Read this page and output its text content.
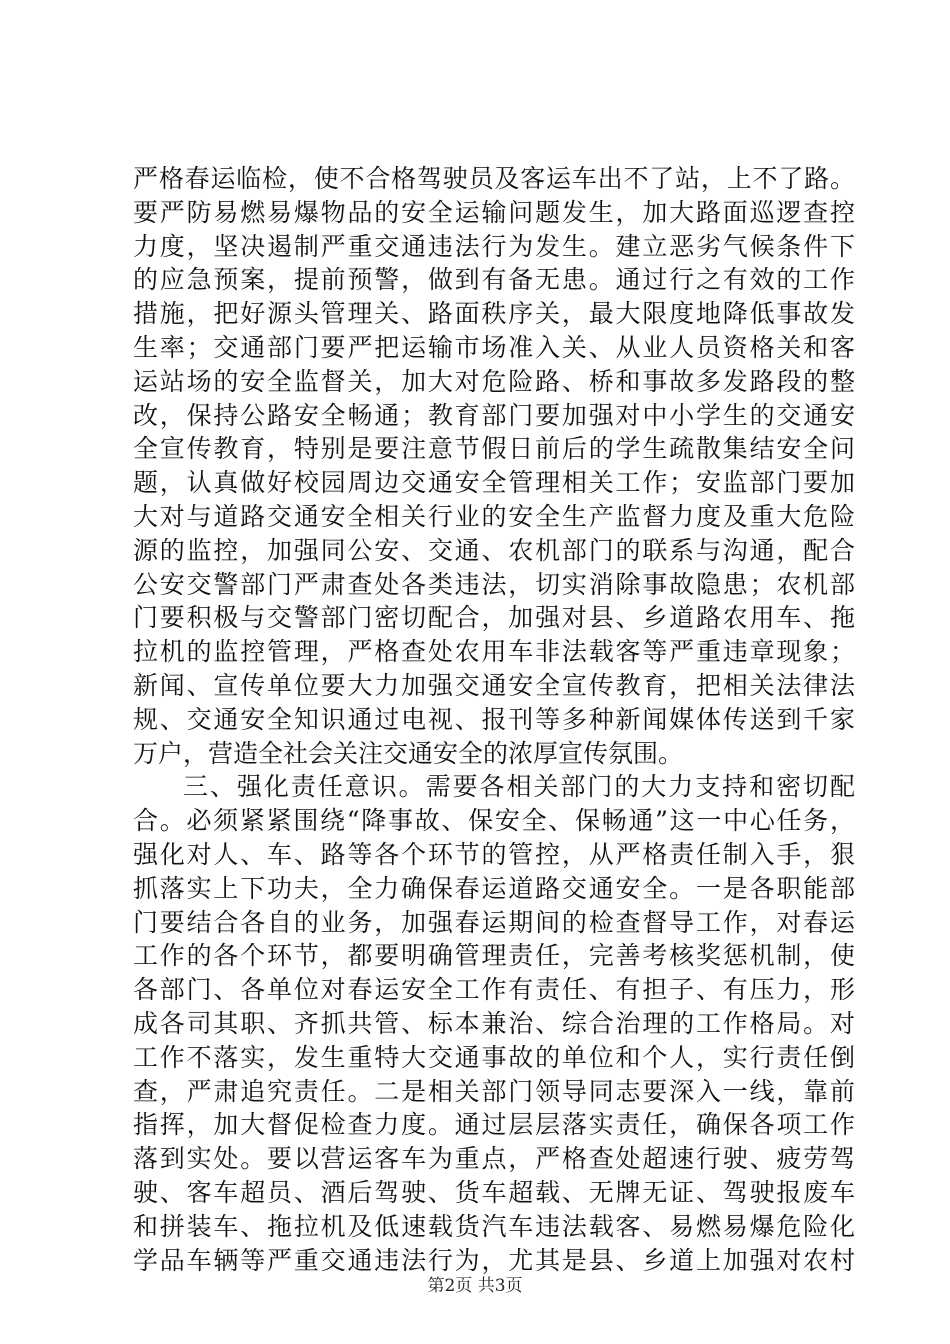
严格春运临检，使不合格驾驶员及客运车出不了站，上不了路。
要严防易燃易爆物品的安全运输问题发生，加大路面巡逻查控
力度，坚决遏制严重交通违法行为发生。建立恶劣气候条件下
的应急预案，提前预警，做到有备无患。通过行之有效的工作
措施，把好源头管理关、路面秩序关，最大限度地降低事故发
生率；交通部门要严把运输市场准入关、从业人员资格关和客
运站场的安全监督关，加大对危险路、桥和事故多发路段的整
改，保持公路安全畅通；教育部门要加强对中小学生的交通安
全宣传教育，特别是要注意节假日前后的学生疏散集结安全问
题，认真做好校园周边交通安全管理相关工作；安监部门要加
大对与道路交通安全相关行业的安全生产监督力度及重大危险
源的监控，加强同公安、交通、农机部门的联系与沟通，配合
公安交警部门严肃查处各类违法，切实消除事故隐患；农机部
门要积极与交警部门密切配合，加强对县、乡道路农用车、拖
拉机的监控管理，严格查处农用车非法载客等严重违章现象；
新闻、宣传单位要大力加强交通安全宣传教育，把相关法律法
规、交通安全知识通过电视、报刊等多种新闻媒体传送到千家
万户，营造全社会关注交通安全的浓厚宣传氛围。
三、强化责任意识。需要各相关部门的大力支持和密切配
合。必须紧紧围绕“降事故、保安全、保畅通”这一中心任务，
强化对人、车、路等各个环节的管控，从严格责任制入手，狠
抓落实上下功夫，全力确保春运道路交通安全。一是各职能部
门要结合各自的业务，加强春运期间的检查督导工作，对春运
工作的各个环节，都要明确管理责任，完善考核奖惩机制，使
各部门、各单位对春运安全工作有责任、有担子、有压力，形
成各司其职、齐抓共管、标本兼治、综合治理的工作格局。对
工作不落实，发生重特大交通事故的单位和个人，实行责任倒
查，严肃追究责任。二是相关部门领导同志要深入一线，靠前
指挥，加大督促检查力度。通过层层落实责任，确保各项工作
落到实处。要以营运客车为重点，严格查处超速行驶、疲劳驾
驶、客车超员、酒后驾驶、货车超载、无牌无证、驾驶报废车
和拼装车、拖拉机及低速载货汽车违法载客、易燃易爆危险化
学品车辆等严重交通违法行为，尤其是县、乡道上加强对农村
第2页 共3页
